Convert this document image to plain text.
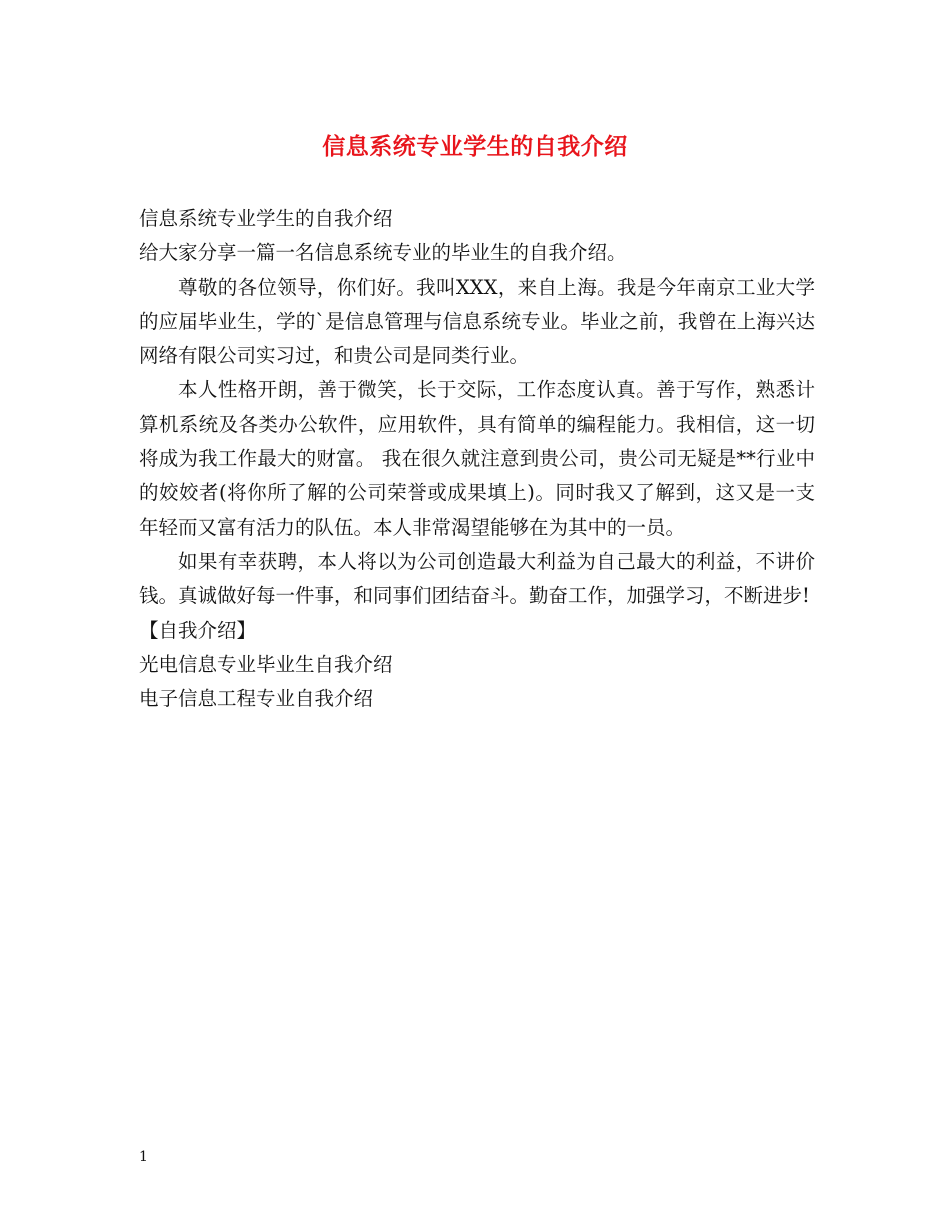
信息系统专业学生的自我介绍
信息系统专业学生的自我介绍
给大家分享一篇一名信息系统专业的毕业生的自我介绍。

尊敬的各位领导，你们好。我叫XXX，来自上海。我是今年南京工业大学的应届毕业生，学的`是信息管理与信息系统专业。毕业之前，我曾在上海兴达网络有限公司实习过，和贵公司是同类行业。

本人性格开朗，善于微笑，长于交际，工作态度认真。善于写作，熟悉计算机系统及各类办公软件，应用软件，具有简单的编程能力。我相信，这一切将成为我工作最大的财富。 我在很久就注意到贵公司，贵公司无疑是**行业中的姣姣者(将你所了解的公司荣誉或成果填上)。同时我又了解到，这又是一支年轻而又富有活力的队伍。本人非常渴望能够在为其中的一员。

如果有幸获聘，本人将以为公司创造最大利益为自己最大的利益，不讲价钱。真诚做好每一件事，和同事们团结奋斗。勤奋工作，加强学习，不断进步!

【自我介绍】
光电信息专业毕业生自我介绍
电子信息工程专业自我介绍
1
